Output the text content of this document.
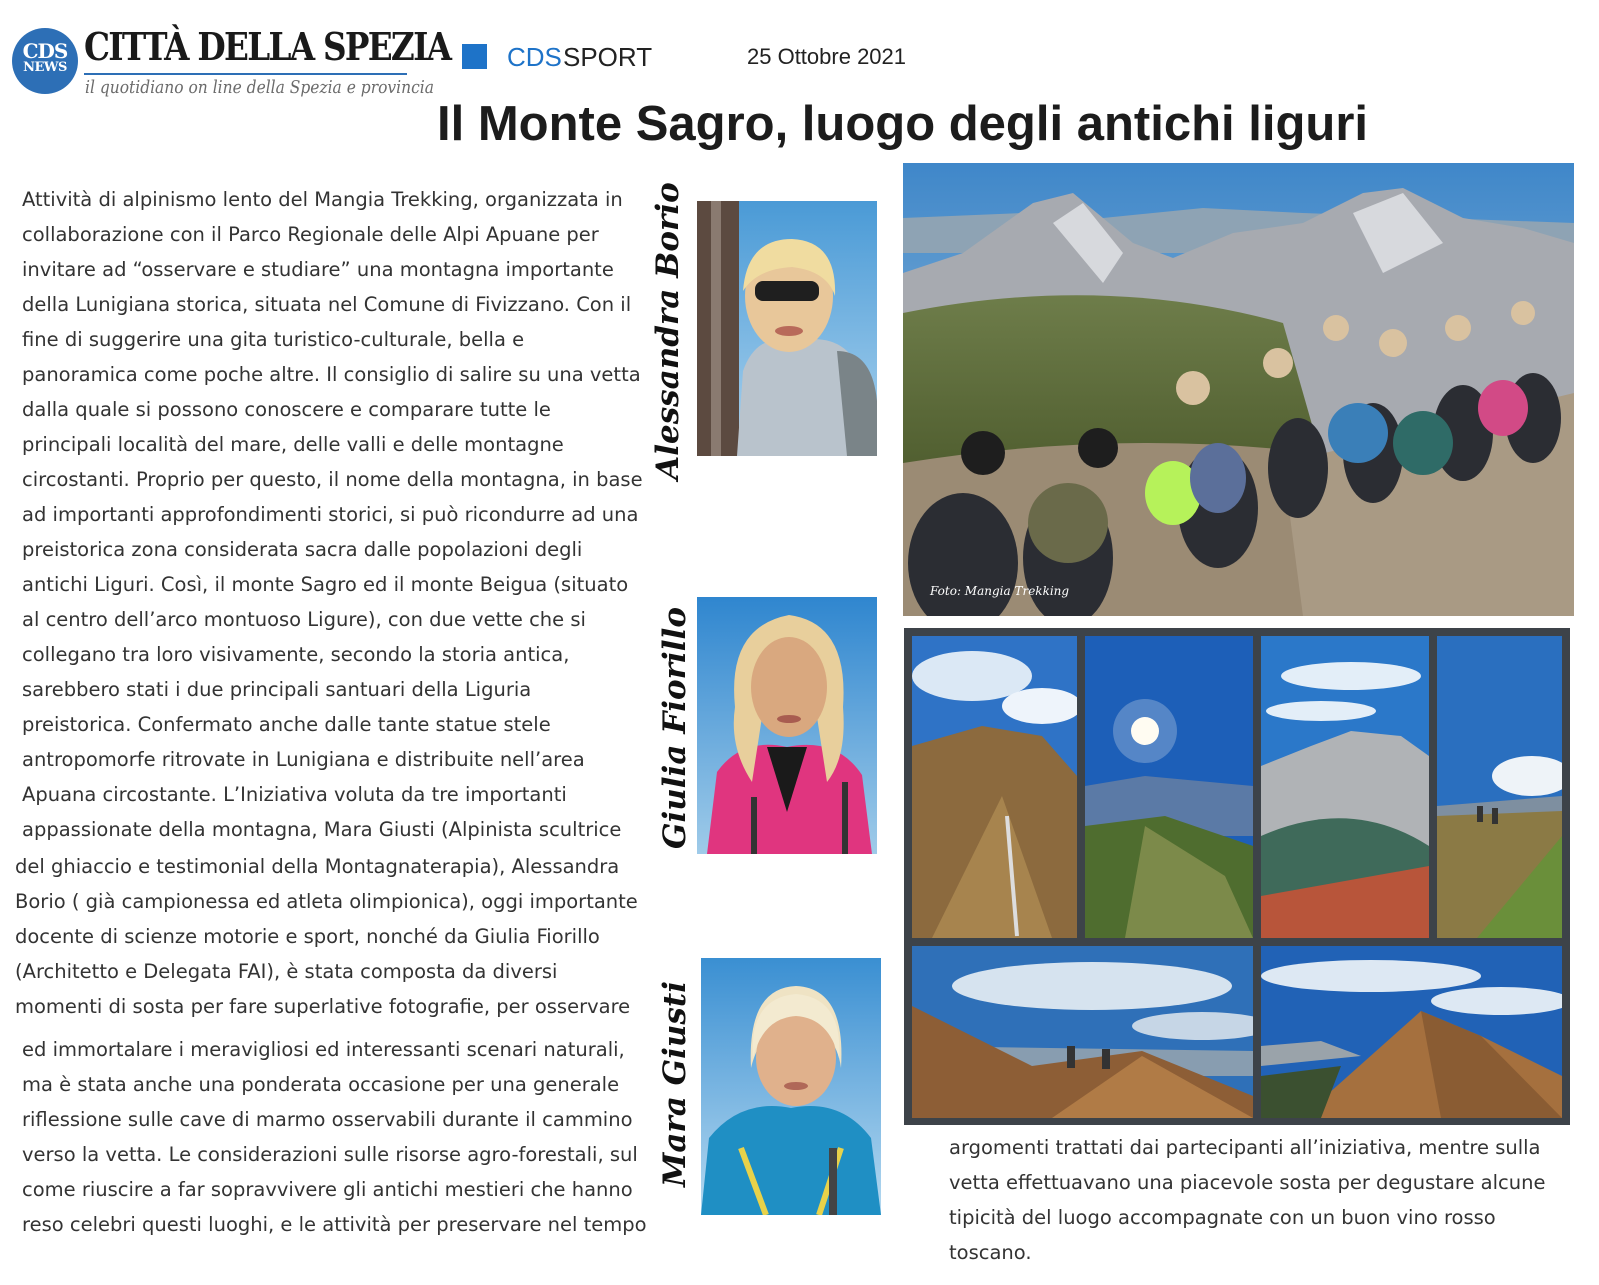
CDS
NEWS CITTÀ DELLA SPEZIA
il quotidiano on line della Spezia e provincia
CDS SPORT	25 Ottobre 2021
Il Monte Sagro, luogo degli antichi liguri
Attività di alpinismo lento del Mangia Trekking, organizzata in
collaborazione con il Parco Regionale delle Alpi Apuane per
invitare ad “osservare e studiare” una montagna importante
della Lunigiana storica, situata nel Comune di Fivizzano. Con il
fine di suggerire una gita turistico-culturale, bella e
panoramica come poche altre. Il consiglio di salire su una vetta
dalla quale si possono conoscere e comparare tutte le
principali località del mare, delle valli e delle montagne
circostanti. Proprio per questo, il nome della montagna, in base
ad importanti approfondimenti storici, si può ricondurre ad una
preistorica zona considerata sacra dalle popolazioni degli
antichi Liguri. Così, il monte Sagro ed il monte Beigua (situato
al centro dell’arco montuoso Ligure), con due vette che si
collegano tra loro visivamente, secondo la storia antica,
sarebbero stati i due principali santuari della Liguria
preistorica. Confermato anche dalle tante statue stele
antropomorfe ritrovate in Lunigiana e distribuite nell’area
Apuana circostante. L’Iniziativa voluta da tre importanti
appassionate della montagna, Mara Giusti (Alpinista scultrice
del ghiaccio e testimonial della Montagnaterapia), Alessandra
Borio ( già campionessa ed atleta olimpionica), oggi importante
docente di scienze motorie e sport, nonché da Giulia Fiorillo
(Architetto e Delegata FAI), è stata composta da diversi
momenti di sosta per fare superlative fotografie, per osservare
ed immortalare i meravigliosi ed interessanti scenari naturali,
ma è stata anche una ponderata occasione per una generale
riflessione sulle cave di marmo osservabili durante il cammino
verso la vetta. Le considerazioni sulle risorse agro-forestali, sul
come riuscire a far sopravvivere gli antichi mestieri che hanno
reso celebri questi luoghi, e le attività per preservare nel tempo
argomenti trattati dai partecipanti all’iniziativa, mentre sulla
vetta effettuavano una piacevole sosta per degustare alcune
tipicità del luogo accompagnate con un buon vino rosso
toscano.
Alessandra Borio
Giulia Fiorillo
Mara Giusti
Foto: Mangia Trekking
